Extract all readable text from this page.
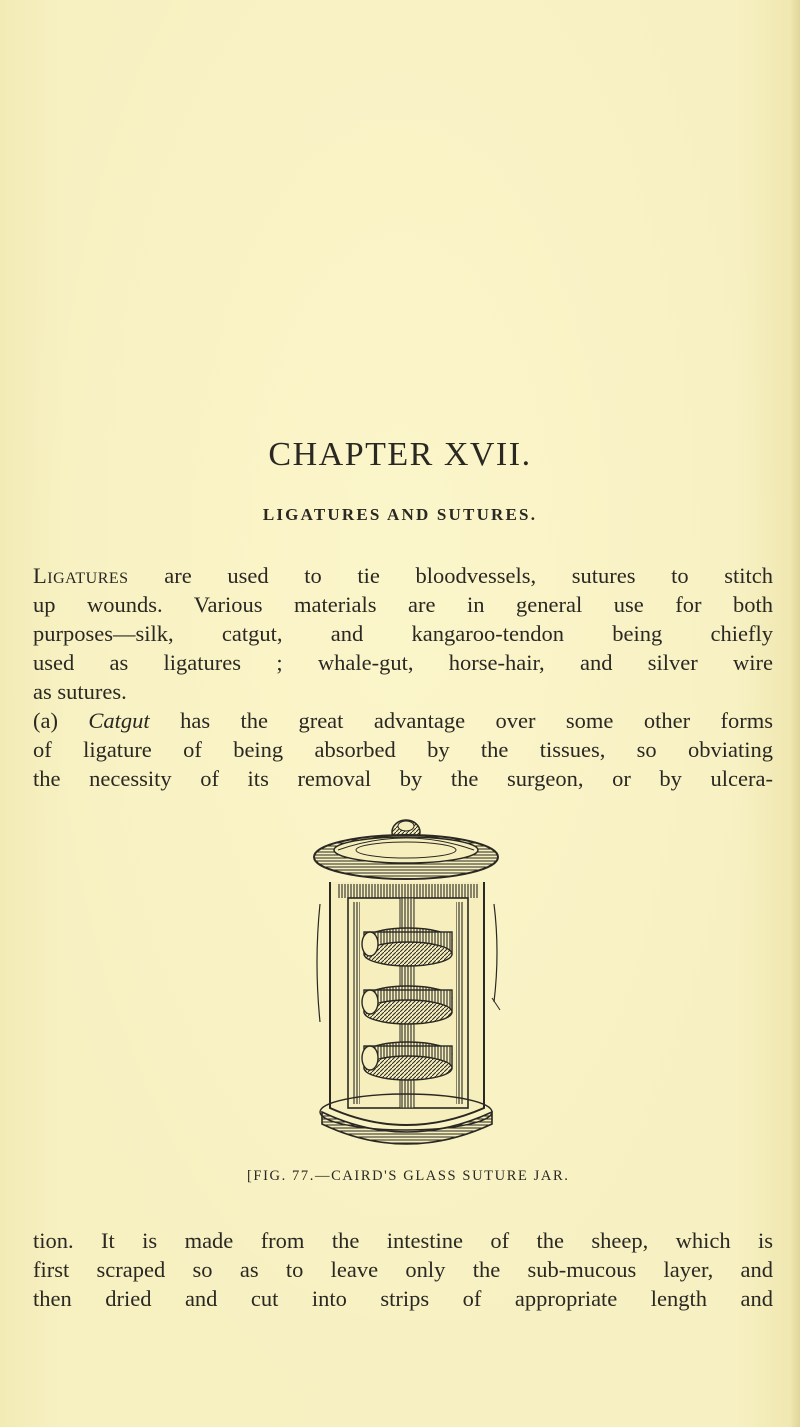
CHAPTER XVII.
LIGATURES AND SUTURES.
Ligatures are used to tie bloodvessels, sutures to stitch
up wounds. Various materials are in general use for both
purposes—silk, catgut, and kangaroo-tendon being chiefly
used as ligatures ; whale-gut, horse-hair, and silver wire
as sutures.
(a) Catgut has the great advantage over some other forms
of ligature of being absorbed by the tissues, so obviating
the necessity of its removal by the surgeon, or by ulcera-

[FIG. 77.—CAIRD'S GLASS SUTURE JAR.

tion. It is made from the intestine of the sheep, which is
first scraped so as to leave only the sub-mucous layer, and
then dried and cut into strips of appropriate length and
